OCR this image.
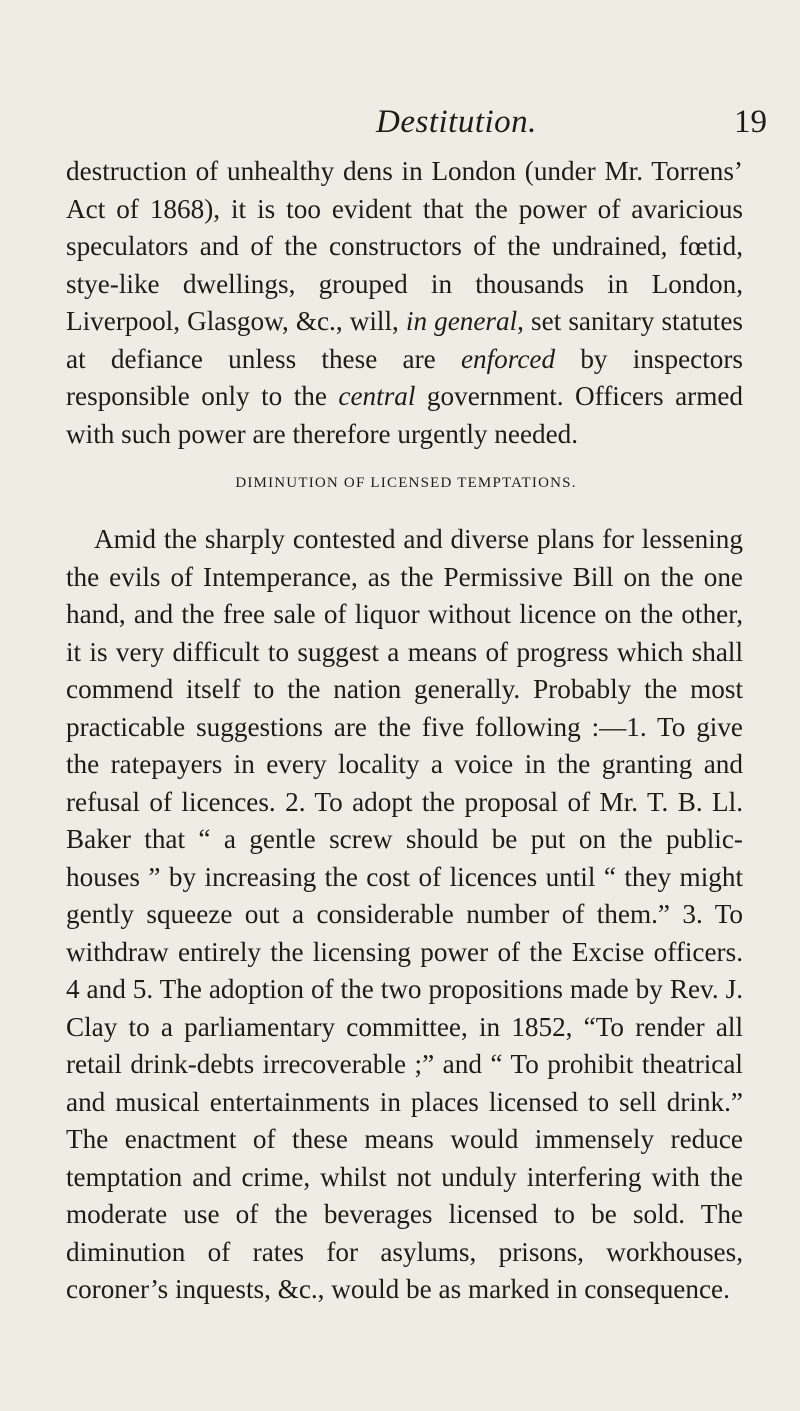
Destitution.	19
destruction of unhealthy dens in London (under Mr. Torrens’ Act of 1868), it is too evident that the power of avaricious speculators and of the constructors of the undrained, fœtid, stye-like dwellings, grouped in thousands in London, Liverpool, Glasgow, &c., will, in general, set sanitary statutes at defiance unless these are enforced by inspectors responsible only to the central government. Officers armed with such power are therefore urgently needed.
DIMINUTION OF LICENSED TEMPTATIONS.
Amid the sharply contested and diverse plans for lessening the evils of Intemperance, as the Permissive Bill on the one hand, and the free sale of liquor without licence on the other, it is very difficult to suggest a means of progress which shall commend itself to the nation generally. Probably the most practicable suggestions are the five following :—1. To give the ratepayers in every locality a voice in the granting and refusal of licences. 2. To adopt the proposal of Mr. T. B. Ll. Baker that “ a gentle screw should be put on the public-houses ” by increasing the cost of licences until “ they might gently squeeze out a considerable number of them.” 3. To withdraw entirely the licensing power of the Excise officers. 4 and 5. The adoption of the two propositions made by Rev. J. Clay to a parliamentary committee, in 1852, “To render all retail drink-debts irrecoverable ;” and “ To prohibit theatrical and musical entertainments in places licensed to sell drink.” The enactment of these means would immensely reduce temptation and crime, whilst not unduly interfering with the moderate use of the beverages licensed to be sold. The diminution of rates for asylums, prisons, workhouses, coroner’s inquests, &c., would be as marked in consequence.
